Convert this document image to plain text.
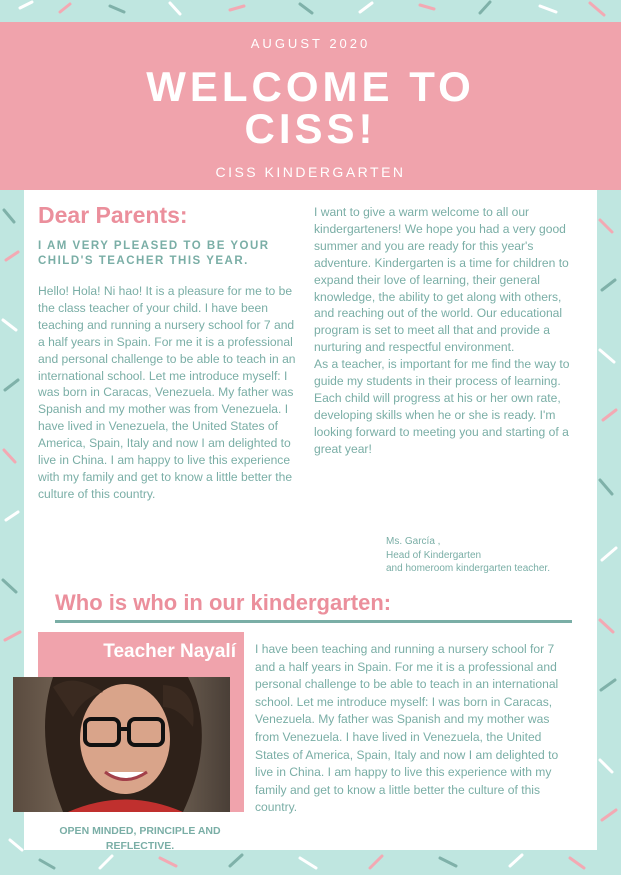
AUGUST 2020
WELCOME TO
CISS!
CISS KINDERGARTEN
Dear Parents:
I AM VERY PLEASED TO BE YOUR CHILD'S TEACHER THIS YEAR.
Hello! Hola! Ni hao! It is a pleasure for me to be the class teacher of your child. I have been teaching and running a nursery school for 7 and a half years in Spain. For me it is a professional and personal challenge to be able to teach in an international school. Let me introduce myself: I was born in Caracas, Venezuela. My father was Spanish and my mother was from Venezuela. I have lived in Venezuela, the United States of America, Spain, Italy and now I am delighted to live in China. I am happy to live this experience with my family and get to know a little better the culture of this country.
I want to give a warm welcome to all our kindergarteners! We hope you had a very good summer and you are ready for this year's adventure. Kindergarten is a time for children to expand their love of learning, their general knowledge, the ability to get along with others, and reaching out of the world. Our educational program is set to meet all that and provide a nurturing and respectful environment.
As a teacher, is important for me find the way to guide my students in their process of learning. Each child will progress at his or her own rate, developing skills when he or she is ready. I'm looking forward to meeting you and starting of a great year!
Ms. García ,
Head of Kindergarten
and homeroom kindergarten teacher.
Who is who in our kindergarten:
Teacher Nayalí
OPEN MINDED, PRINCIPLE AND REFLECTIVE.
I have been teaching and running a nursery school for 7 and a half years in Spain. For me it is a professional and personal challenge to be able to teach in an international school. Let me introduce myself: I was born in Caracas, Venezuela. My father was Spanish and my mother was from Venezuela. I have lived in Venezuela, the United States of America, Spain, Italy and now I am delighted to live in China. I am happy to live this experience with my family and get to know a little better the culture of this country.
